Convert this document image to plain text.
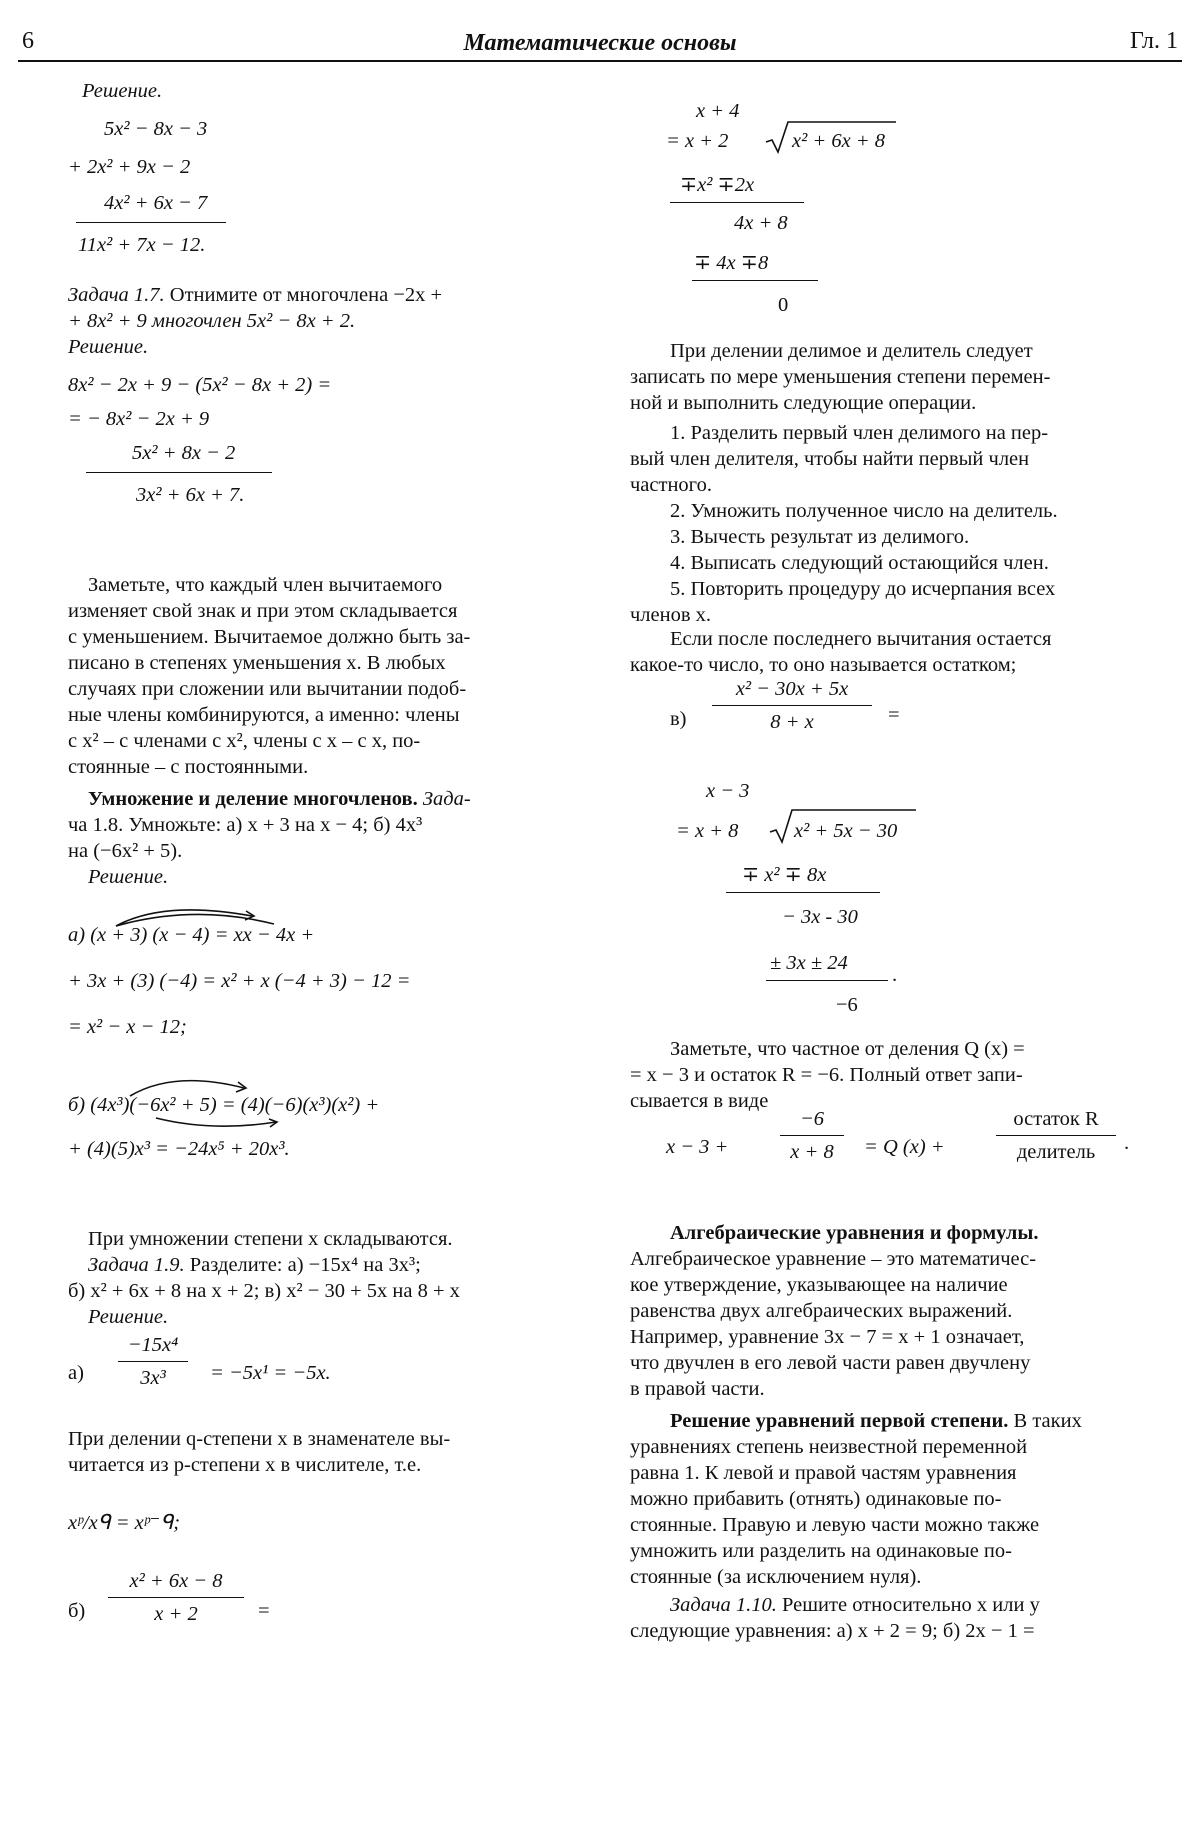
6	Математические основы	Гл. 1
Решение.
5x² − 8x − 3
+ 2x² + 9x − 2
4x² + 6x − 7
11x² + 7x − 12.
Задача 1.7. Отнимите от многочлена −2x +
+ 8x² + 9 многочлен 5x² − 8x + 2.
Решение.
8x² − 2x + 9 − (5x² − 8x + 2) =
= − 8x² − 2x + 9
5x² + 8x − 2
3x² + 6x + 7.
Заметьте, что каждый член вычитаемого
изменяет свой знак и при этом складывается
с уменьшением. Вычитаемое должно быть за-
писано в степенях уменьшения x. В любых
случаях при сложении или вычитании подоб-
ные члены комбинируются, а именно: члены
с x² – с членами с x², члены с x – с x, по-
стоянные – с постоянными.
Умножение и деление многочленов. Зада-
ча 1.8. Умножьте: а) x + 3 на x − 4; б) 4x³
на (−6x² + 5).
Решение.
а) (x + 3) (x − 4) = xx − 4x +
+ 3x + (3) (−4) = x² + x (−4 + 3) − 12 =
= x² − x − 12;
б) (4x³)(−6x² + 5) = (4)(−6)(x³)(x²) +
+ (4)(5)x³ = −24x⁵ + 20x³.
При умножении степени x складываются.
Задача 1.9. Разделите: а) −15x⁴ на 3x³;
б) x² + 6x + 8 на x + 2; в) x² − 30 + 5x на 8 + x
Решение.
а)
−15x⁴
3x³	= −5x¹ = −5x.
При делении q-степени x в знаменателе вы-
читается из p-степени x в числителе, т.е.
xᵖ/xᑫ = xᵖ⁻ᑫ;
б)
x² + 6x − 8
x + 2	=
x + 4
= x + 2	x² + 6x + 8
∓x² ∓2x
4x + 8
∓ 4x ∓8
0
При делении делимое и делитель следует
записать по мере уменьшения степени перемен-
ной и выполнить следующие операции.
1. Разделить первый член делимого на пер-
вый член делителя, чтобы найти первый член
частного.
2. Умножить полученное число на делитель.
3. Вычесть результат из делимого.
4. Выписать следующий остающийся член.
5. Повторить процедуру до исчерпания всех
членов x.
Если после последнего вычитания остается
какое-то число, то оно называется остатком;
в)
x² − 30x + 5x
8 + x	=
x − 3
= x + 8	x² + 5x − 30
∓ x² ∓ 8x
− 3x - 30
± 3x ± 24
.
−6
Заметьте, что частное от деления Q (x) =
= x − 3 и остаток R = −6. Полный ответ запи-
сывается в виде
x − 3 +
−6
x + 8	= Q (x) +
остаток R
делитель	.
Алгебраические уравнения и формулы.
Алгебраическое уравнение – это математичес-
кое утверждение, указывающее на наличие
равенства двух алгебраических выражений.
Например, уравнение 3x − 7 = x + 1 означает,
что двучлен в его левой части равен двучлену
в правой части.
Решение уравнений первой степени. В таких
уравнениях степень неизвестной переменной
равна 1. К левой и правой частям уравнения
можно прибавить (отнять) одинаковые по-
стоянные. Правую и левую части можно также
умножить или разделить на одинаковые по-
стоянные (за исключением нуля).
Задача 1.10. Решите относительно x или y
следующие уравнения: а) x + 2 = 9; б) 2x − 1 =
